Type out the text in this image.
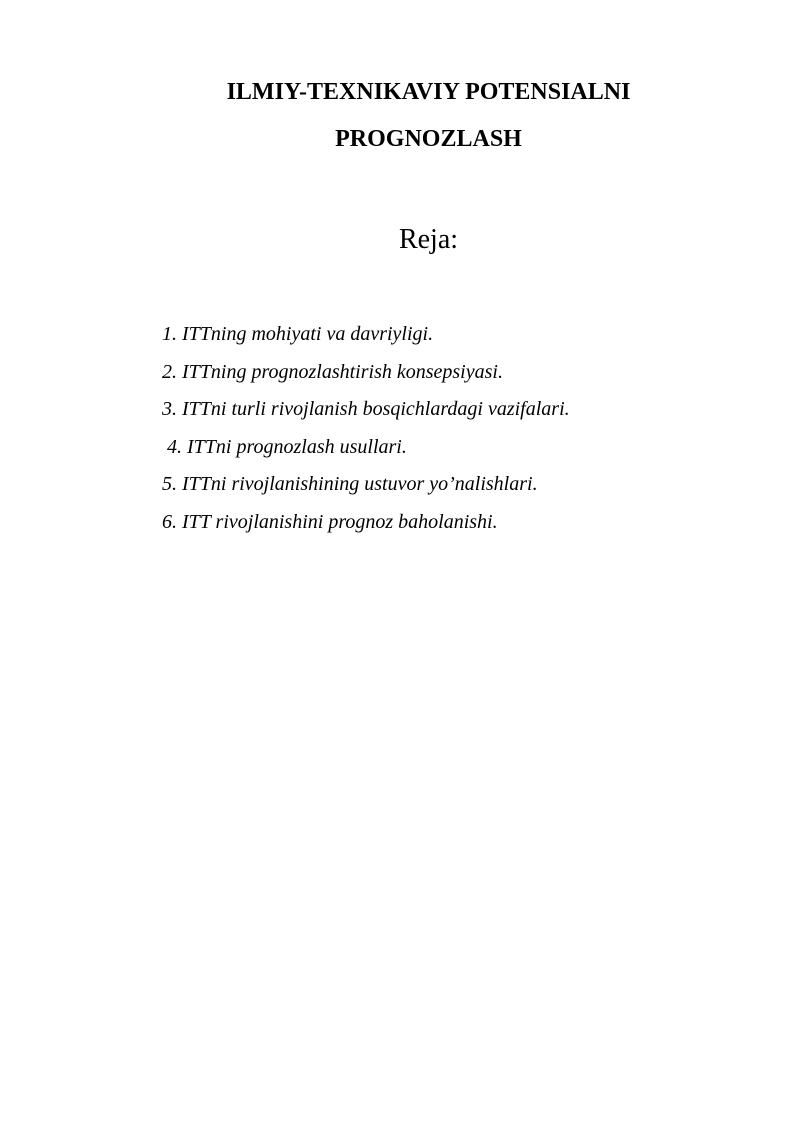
ILMIY-TEXNIKAVIY POTENSIALNI
PROGNOZLASH
Reja:
1. ITTning mohiyati va davriyligi.
2. ITTning prognozlashtirish konsepsiyasi.
3. ITTni turli rivojlanish bosqichlardagi vazifalari.
4. ITTni prognozlash usullari.
5. ITTni rivojlanishining ustuvor yo’nalishlari.
6. ITT rivojlanishini prognoz baholanishi.
